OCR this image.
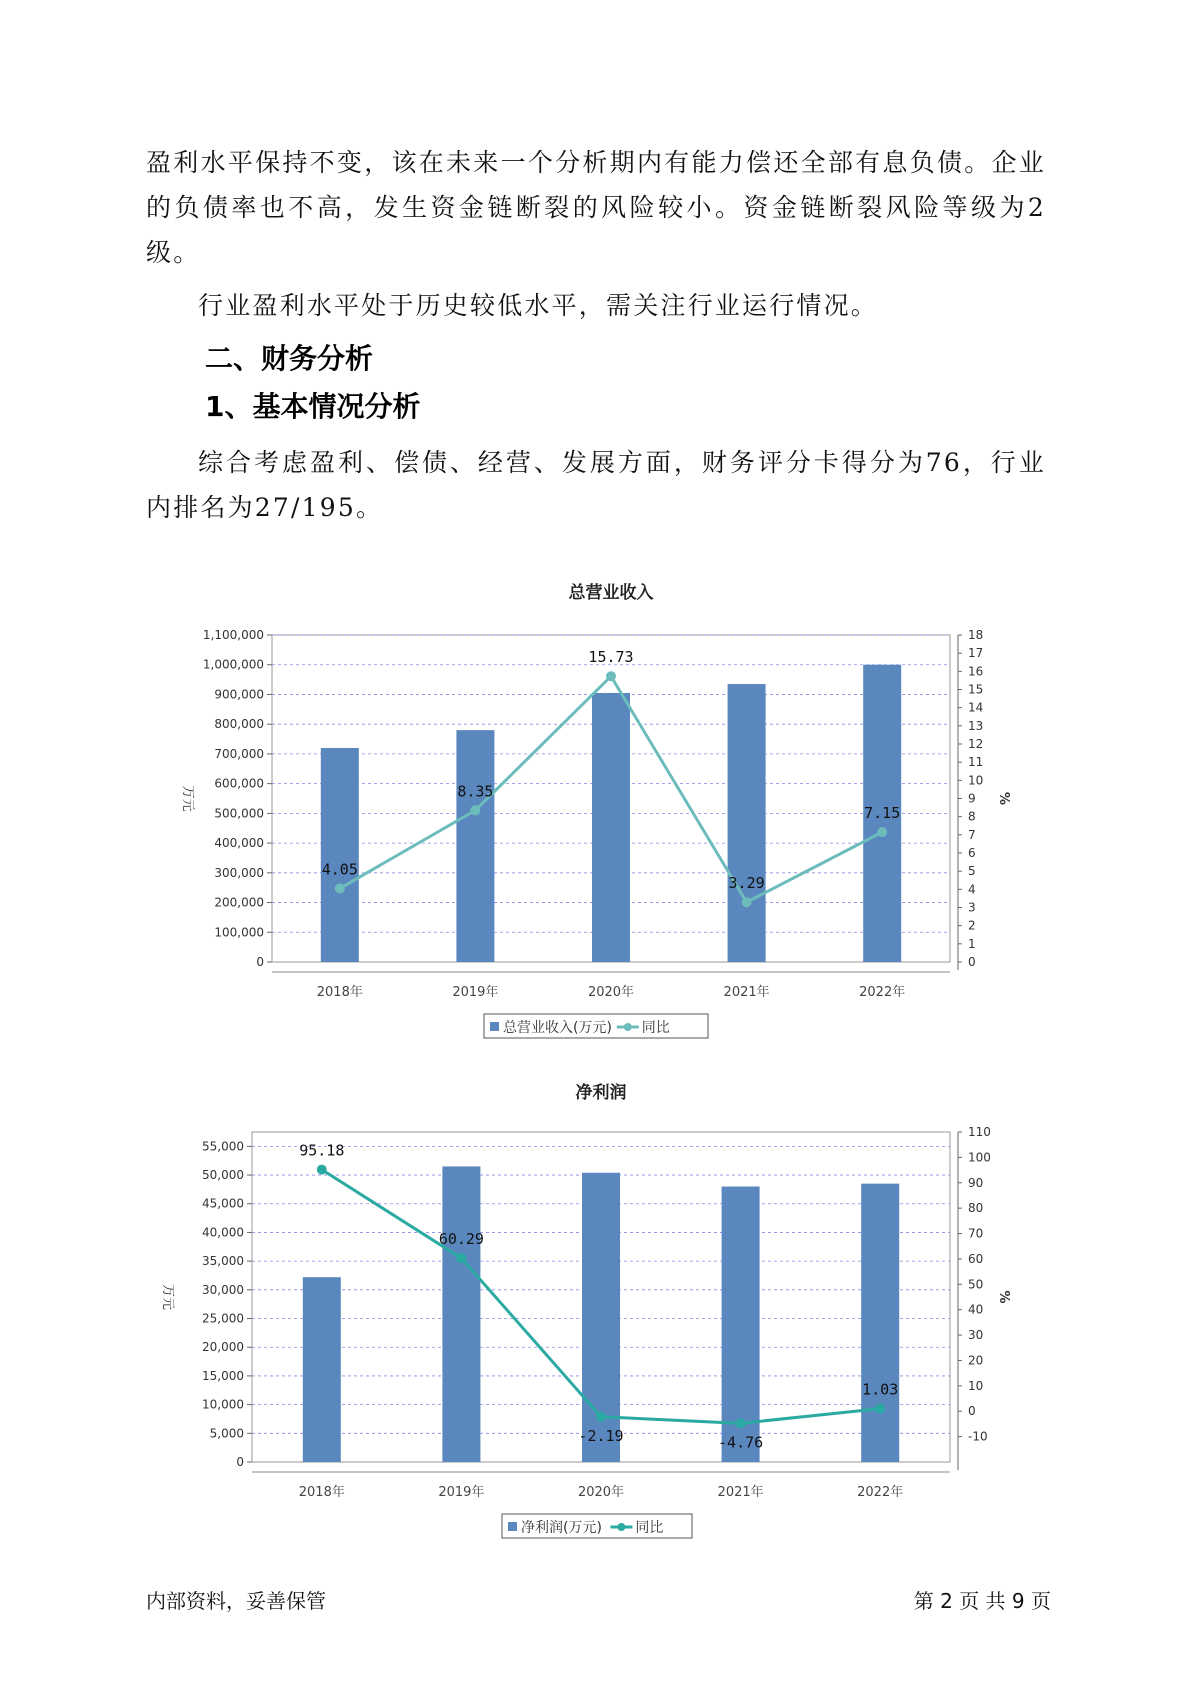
盈利水平保持不变，该在未来一个分析期内有能力偿还全部有息负债。企业的负债率也不高，发生资金链断裂的风险较小。资金链断裂风险等级为2级。

行业盈利水平处于历史较低水平，需关注行业运行情况。

二、财务分析
1、基本情况分析

综合考虑盈利、偿债、经营、发展方面，财务评分卡得分为76，行业内排名为27/195。

总营业收入
0
100,000
200,000
300,000
400,000
500,000
600,000
700,000
800,000
900,000
1,000,000
1,100,000
万元
0
1
2
3
4
5
6
7
8
9
10
11
12
13
14
15
16
17
18
%
2018年	2019年	2020年	2021年	2022年
4.05
8.35
15.73
3.29
7.15
总营业收入(万元) 同比
净利润
0
5,000
10,000
15,000
20,000
25,000
30,000
35,000
40,000
45,000
50,000
55,000
万元
-10
0
10
20
30
40
50
60
70
80
90
100
110
%
2018年	2019年	2020年	2021年	2022年
95.18
60.29
-2.19	-4.76
1.03
净利润(万元) 同比
内部资料，妥善保管	第 2 页 共 9 页
